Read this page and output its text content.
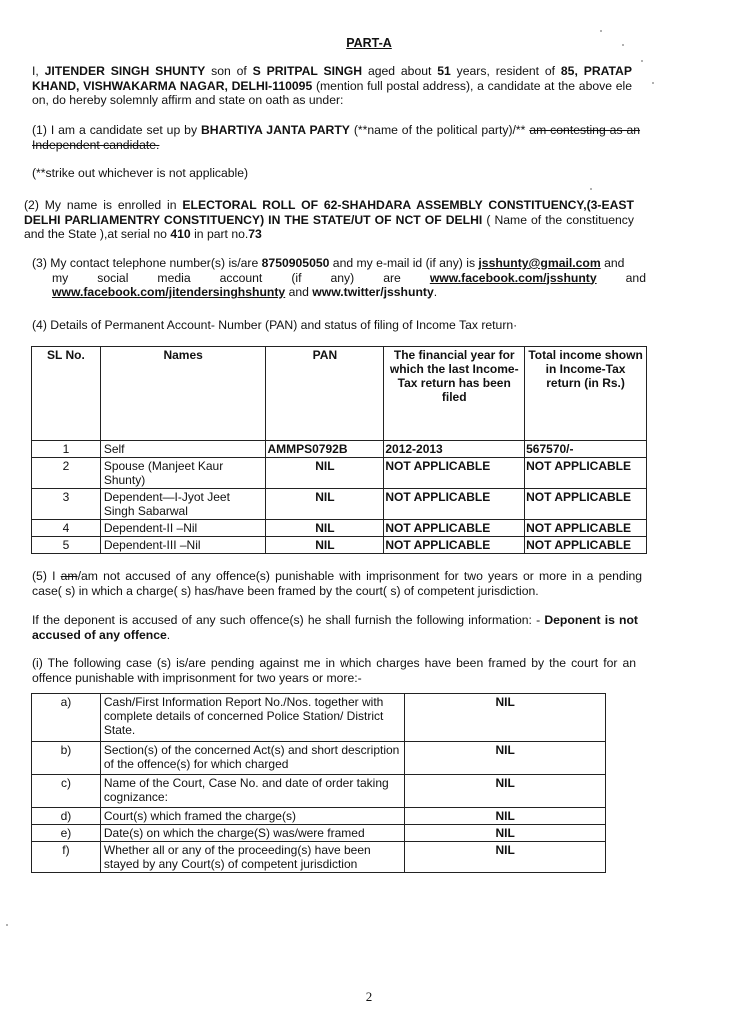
PART-A
I, JITENDER SINGH SHUNTY son of S PRITPAL SINGH aged about 51 years, resident of 85, PRATAP KHAND, VISHWAKARMA NAGAR, DELHI-110095 (mention full postal address), a candidate at the above ele on, do hereby solemnly affirm and state on oath as under:
(1) I am a candidate set up by BHARTIYA JANTA PARTY (**name of the political party)/** am contesting as an Independent candidate.
(**strike out whichever is not applicable)
(2) My name is enrolled in ELECTORAL ROLL OF 62-SHAHDARA ASSEMBLY CONSTITUENCY,(3-EAST DELHI PARLIAMENTRY CONSTITUENCY) IN THE STATE/UT OF NCT OF DELHI ( Name of the constituency and the State ),at serial no 410 in part no.73
(3) My contact telephone number(s) is/are 8750905050 and my e-mail id (if any) is jsshunty@gmail.com and
my social media account (if any) are www.facebook.com/jsshunty and
www.facebook.com/jitendersinghshunty and www.twitter/jsshunty.
(4) Details of Permanent Account- Number (PAN) and status of filing of Income Tax return·
SL No.	Names	PAN	The financial year for which the last Income- Tax return has been filed	Total income shown in Income-Tax return (in Rs.)
1	Self	AMMPS0792B	2012-2013	567570/-
2	Spouse (Manjeet Kaur Shunty)	NIL	NOT APPLICABLE	NOT APPLICABLE
3	Dependent—I-Jyot Jeet Singh Sabarwal	NIL	NOT APPLICABLE	NOT APPLICABLE
4	Dependent-II –Nil	NIL	NOT APPLICABLE	NOT APPLICABLE
5	Dependent-III –Nil	NIL	NOT APPLICABLE	NOT APPLICABLE
(5) I am/am not accused of any offence(s) punishable with imprisonment for two years or more in a pending case( s) in which a charge( s) has/have been framed by the court( s) of competent jurisdiction.
If the deponent is accused of any such offence(s) he shall furnish the following information: - Deponent is not accused of any offence.
(i) The following case (s) is/are pending against me in which charges have been framed by the court for an offence punishable with imprisonment for two years or more:-
a)	Cash/First Information Report No./Nos. together with complete details of concerned Police Station/ District State.	NIL
b)	Section(s) of the concerned Act(s) and short description of the offence(s) for which charged	NIL
c)	Name of the Court, Case No. and date of order taking cognizance:	NIL
d)	Court(s) which framed the charge(s)	NIL
e)	Date(s) on which the charge(S) was/were framed	NIL
f)	Whether all or any of the proceeding(s) have been stayed by any Court(s) of competent jurisdiction	NIL
2
